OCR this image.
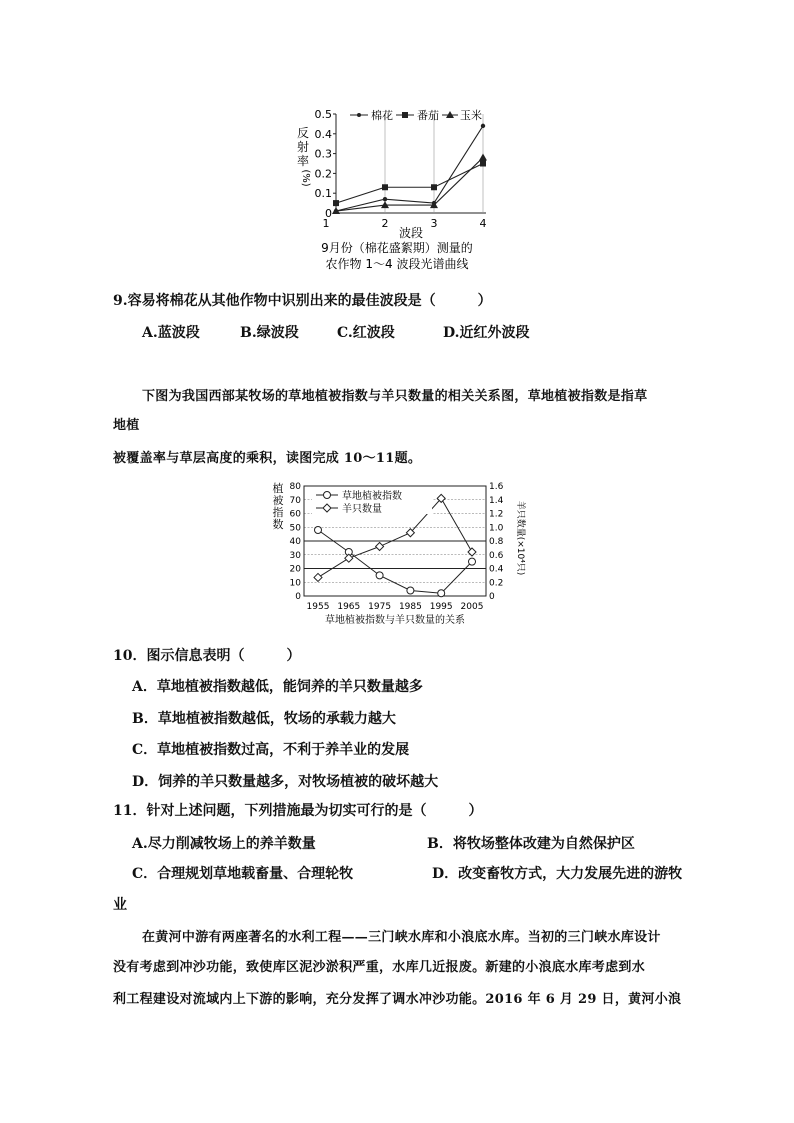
0
0.1
0.2
0.3
0.4
0.5
反
射
率
(%)
1	2	3	4
波段
棉花 番茄 玉米
9月份（棉花盛絮期）测量的
农作物 1～4 波段光谱曲线
9.容易将棉花从其他作物中识别出来的最佳波段是（　　　）
A.蓝波段	B.绿波段	C.红波段	D.近红外波段
下图为我国西部某牧场的草地植被指数与羊只数量的相关关系图，草地植被指数是指草
地植
被覆盖率与草层高度的乘积，读图完成 10～11题。
植
被
指
数
0
10
20
30
40
50
60
70
80
0
0.2
0.4
0.6
0.8
1.0
1.2
1.4
1.6
1955 1965 1975 1985 1995 2005
羊只数量(×10⁴只)
草地植被指数
羊只数量
草地植被指数与羊只数量的关系
10．图示信息表明（　　　）
A．草地植被指数越低，能饲养的羊只数量越多
B．草地植被指数越低，牧场的承载力越大
C．草地植被指数过高，不利于养羊业的发展
D．饲养的羊只数量越多，对牧场植被的破坏越大
11．针对上述问题，下列措施最为切实可行的是（　　　）
A.尽力削减牧场上的养羊数量	B．将牧场整体改建为自然保护区
C．合理规划草地载畜量、合理轮牧	D．改变畜牧方式，大力发展先进的游牧
业
在黄河中游有两座著名的水利工程——三门峡水库和小浪底水库。当初的三门峡水库设计
没有考虑到冲沙功能，致使库区泥沙淤积严重，水库几近报废。新建的小浪底水库考虑到水
利工程建设对流域内上下游的影响，充分发挥了调水冲沙功能。2016 年 6 月 29 日，黄河小浪
